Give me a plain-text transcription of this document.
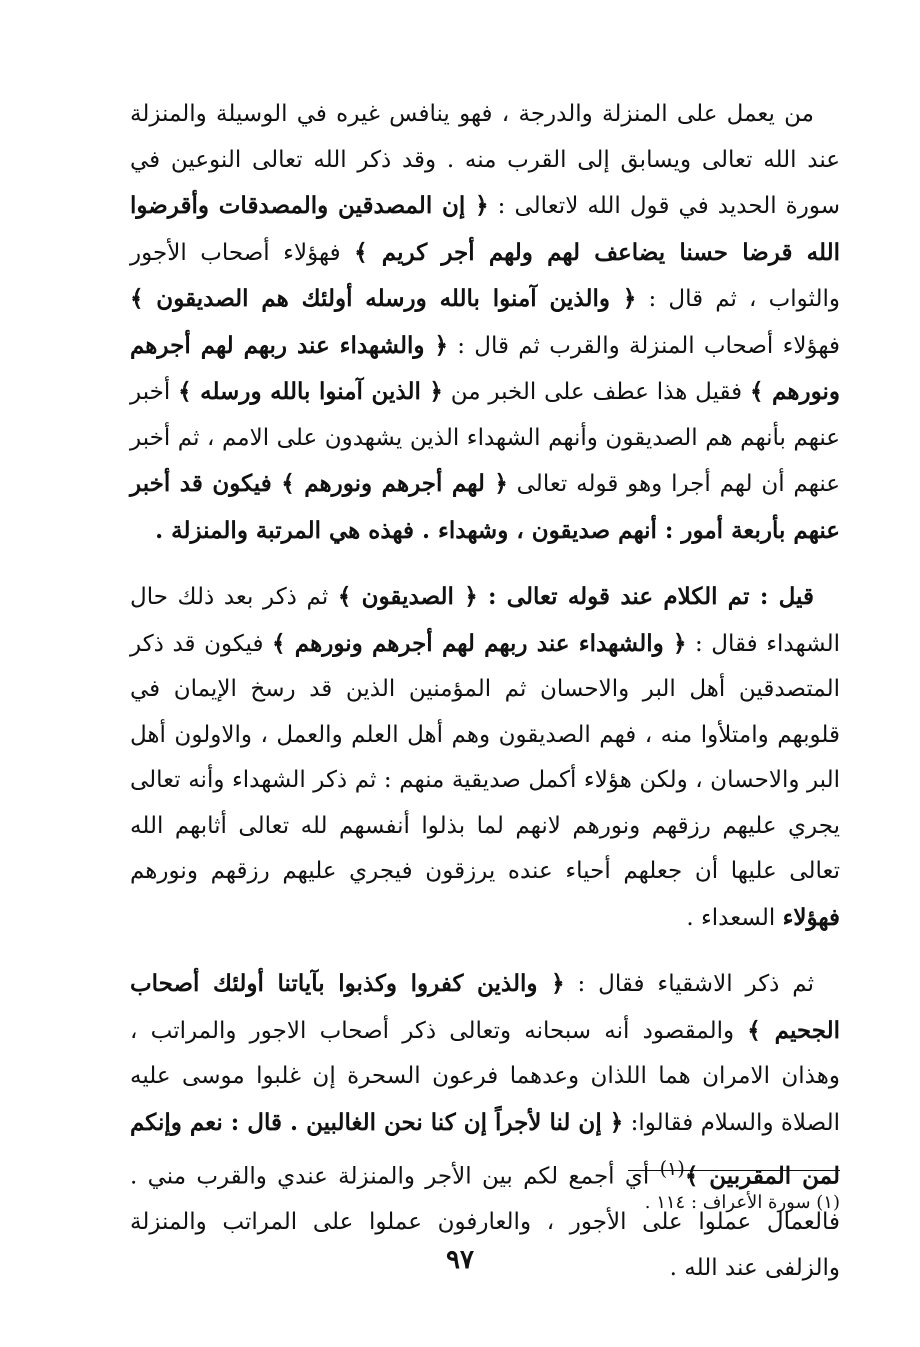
من يعمل على المنزلة والدرجة ، فهو ينافس غيره في الوسيلة والمنزلة عند الله تعالى ويسابق إلى القرب منه . وقد ذكر الله تعالى النوعين في سورة الحديد في قول الله لاتعالى : ﴿ إن المصدقين والمصدقات وأقرضوا الله قرضا حسنا يضاعف لهم ولهم أجر كريم ﴾ فهؤلاء أصحاب الأجور والثواب ، ثم قال : ﴿ والذين آمنوا بالله ورسله أولئك هم الصديقون ﴾ فهؤلاء أصحاب المنزلة والقرب ثم قال : ﴿ والشهداء عند ربهم لهم أجرهم ونورهم ﴾ فقيل هذا عطف على الخبر من ﴿ الذين آمنوا بالله ورسله ﴾ أخبر عنهم بأنهم هم الصديقون وأنهم الشهداء الذين يشهدون على الامم ، ثم أخبر عنهم أن لهم أجرا وهو قوله تعالى ﴿ لهم أجرهم ونورهم ﴾ فيكون قد أخبر عنهم بأربعة أمور : أنهم صديقون ، وشهداء . فهذه هي المرتبة والمنزلة .

قيل : تم الكلام عند قوله تعالى : ﴿ الصديقون ﴾ ثم ذكر بعد ذلك حال الشهداء فقال : ﴿ والشهداء عند ربهم لهم أجرهم ونورهم ﴾ فيكون قد ذكر المتصدقين أهل البر والاحسان ثم المؤمنين الذين قد رسخ الإيمان في قلوبهم وامتلأوا منه ، فهم الصديقون وهم أهل العلم والعمل ، والاولون أهل البر والاحسان ، ولكن هؤلاء أكمل صديقية منهم : ثم ذكر الشهداء وأنه تعالى يجري عليهم رزقهم ونورهم لانهم لما بذلوا أنفسهم لله تعالى أثابهم الله تعالى عليها أن جعلهم أحياء عنده يرزقون فيجري عليهم رزقهم ونورهم فهؤلاء السعداء .

ثم ذكر الاشقياء فقال : ﴿ والذين كفروا وكذبوا بآياتنا أولئك أصحاب الجحيم ﴾ والمقصود أنه سبحانه وتعالى ذكر أصحاب الاجور والمراتب ، وهذان الامران هما اللذان وعدهما فرعون السحرة إن غلبوا موسى عليه الصلاة والسلام فقالوا: ﴿ إن لنا لأجراً إن كنا نحن الغالبين . قال : نعم وإنكم لمن المقربين ﴾$^{(١)}$ أي أجمع لكم بين الأجر والمنزلة عندي والقرب مني . فالعمال عملوا على الأجور ، والعارفون عملوا على المراتب والمنزلة والزلفى عند الله .

(١) سورة الأعراف : ١١٤ .
٩٧
